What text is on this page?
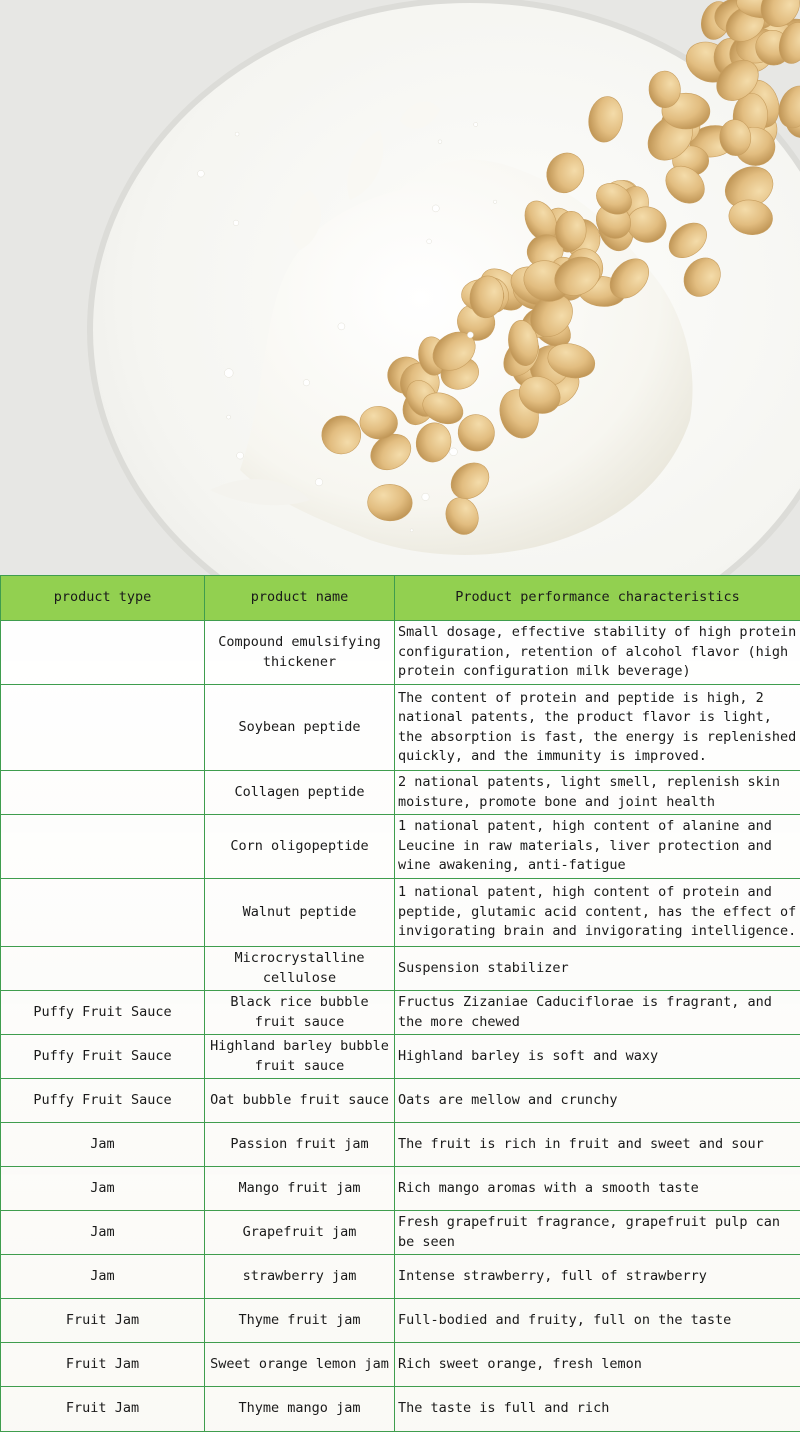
product type	product name	Product performance characteristics
	Compound emulsifying thickener	Small dosage, effective stability of high protein configuration, retention of alcohol flavor (high protein configuration milk beverage)
	Soybean peptide	The content of protein and peptide is high, 2 national patents, the product flavor is light, the absorption is fast, the energy is replenished quickly, and the immunity is improved.
	Collagen peptide	2 national patents, light smell, replenish skin moisture, promote bone and joint health
	Corn oligopeptide	1 national patent, high content of alanine and Leucine in raw materials, liver protection and wine awakening, anti-fatigue
	Walnut peptide	1 national patent, high content of protein and peptide, glutamic acid content, has the effect of invigorating brain and invigorating intelligence.
	Microcrystalline cellulose	Suspension stabilizer
Puffy Fruit Sauce	Black rice bubble fruit sauce	Fructus Zizaniae Caduciflorae is fragrant, and the more chewed
Puffy Fruit Sauce	Highland barley bubble fruit sauce	Highland barley is soft and waxy
Puffy Fruit Sauce	Oat bubble fruit sauce	Oats are mellow and crunchy
Jam	Passion fruit jam	The fruit is rich in fruit and sweet and sour
Jam	Mango fruit jam	Rich mango aromas with a smooth taste
Jam	Grapefruit jam	Fresh grapefruit fragrance, grapefruit pulp can be seen
Jam	strawberry jam	Intense strawberry, full of strawberry
Fruit Jam	Thyme fruit jam	Full-bodied and fruity, full on the taste
Fruit Jam	Sweet orange lemon jam	Rich sweet orange, fresh lemon
Fruit Jam	Thyme mango jam	The taste is full and rich
